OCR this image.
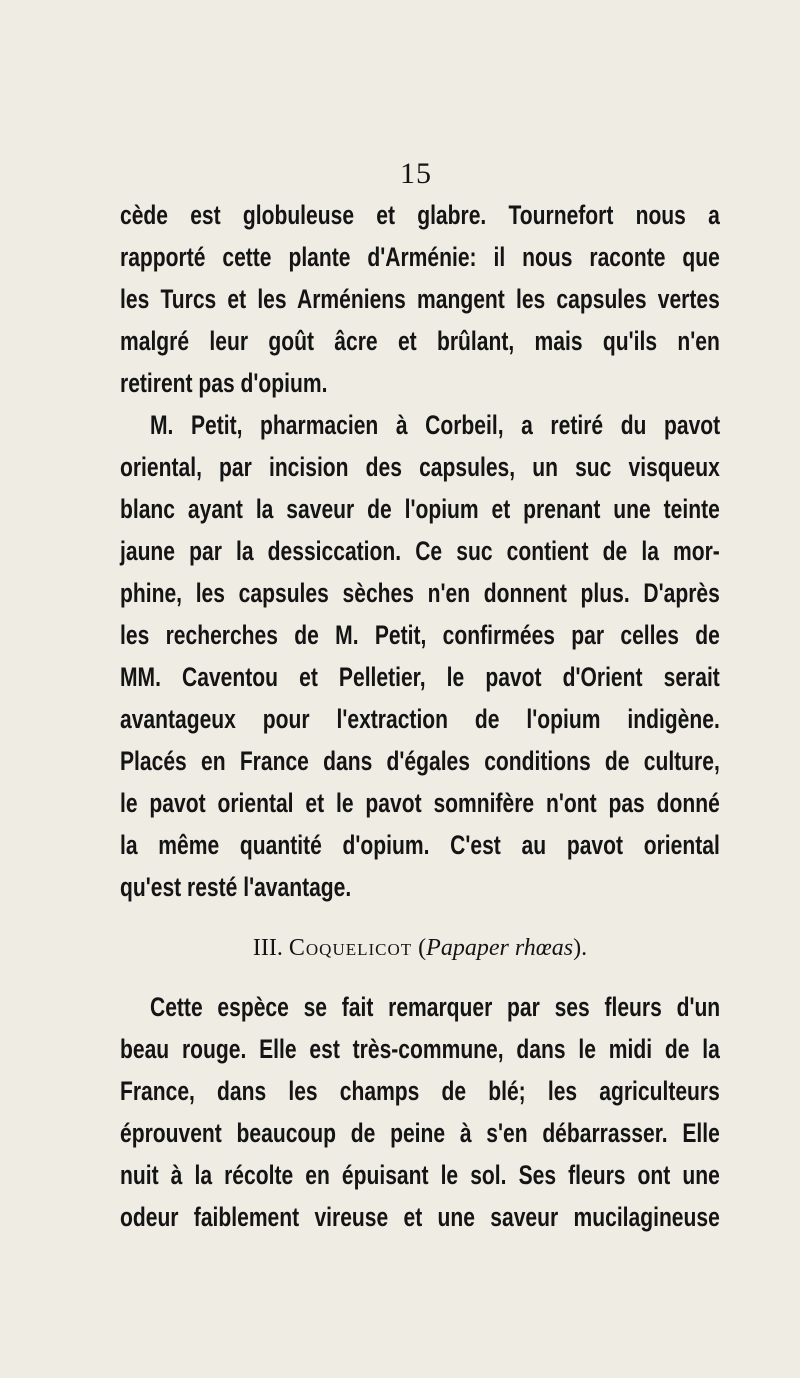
15
cède est globuleuse et glabre. Tournefort nous a
rapporté cette plante d'Arménie: il nous raconte que
les Turcs et les Arméniens mangent les capsules vertes
malgré leur goût âcre et brûlant, mais qu'ils n'en
retirent pas d'opium.
M. Petit, pharmacien à Corbeil, a retiré du pavot
oriental, par incision des capsules, un suc visqueux
blanc ayant la saveur de l'opium et prenant une teinte
jaune par la dessiccation. Ce suc contient de la mor-
phine, les capsules sèches n'en donnent plus. D'après
les recherches de M. Petit, confirmées par celles de
MM. Caventou et Pelletier, le pavot d'Orient serait
avantageux pour l'extraction de l'opium indigène.
Placés en France dans d'égales conditions de culture,
le pavot oriental et le pavot somnifère n'ont pas donné
la même quantité d'opium. C'est au pavot oriental
qu'est resté l'avantage.
III. Coquelicot (Papaper rhœas).
Cette espèce se fait remarquer par ses fleurs d'un
beau rouge. Elle est très-commune, dans le midi de la
France, dans les champs de blé; les agriculteurs
éprouvent beaucoup de peine à s'en débarrasser. Elle
nuit à la récolte en épuisant le sol. Ses fleurs ont une
odeur faiblement vireuse et une saveur mucilagineuse
